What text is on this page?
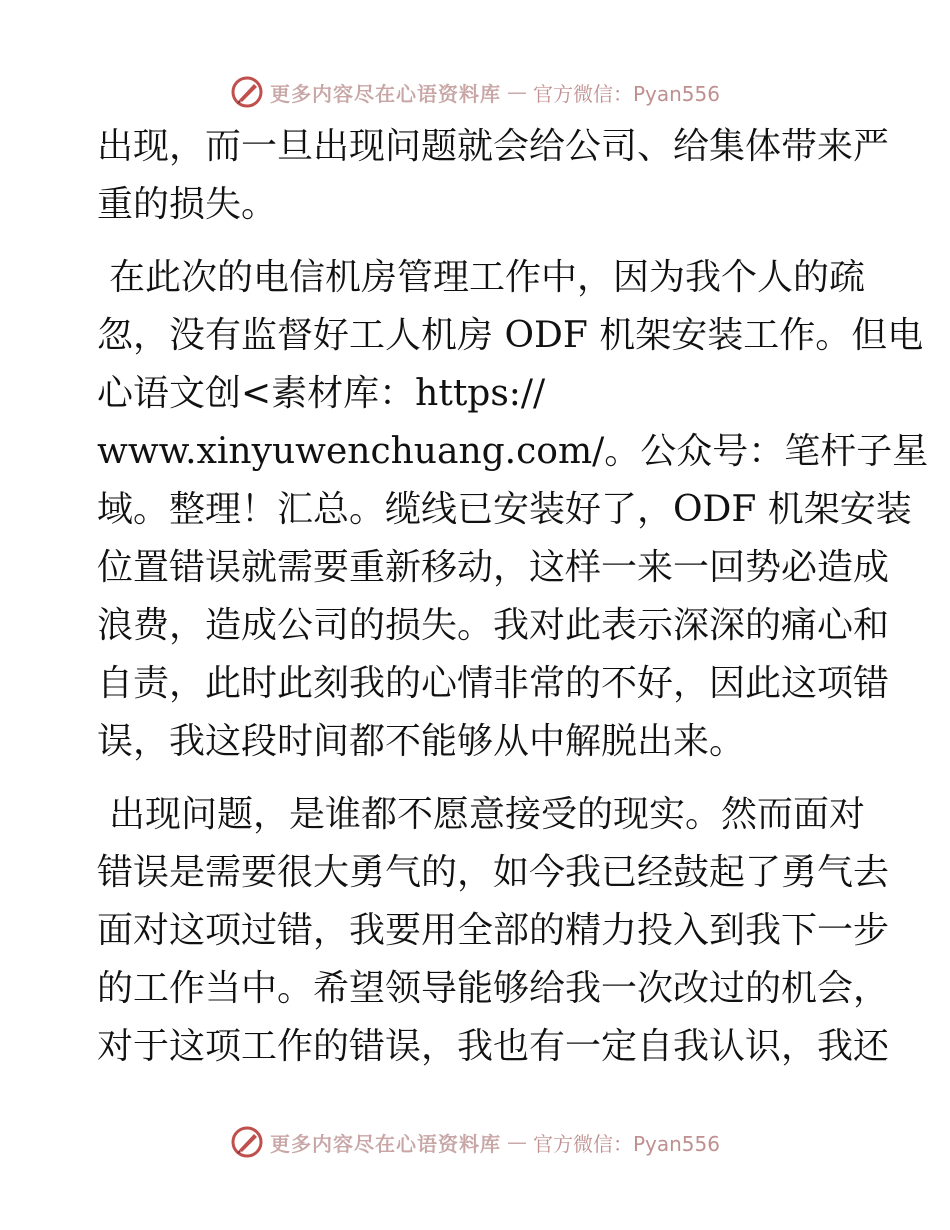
更多内容尽在心语资料库 — 官方微信：Pyan556
出现，而一旦出现问题就会给公司、给集体带来严
重的损失。
在此次的电信机房管理工作中，因为我个人的疏
忽，没有监督好工人机房 ODF 机架安装工作。但电
心语文创<素材库：https://
www.xinyuwenchuang.com/。公众号：笔杆子星
域。整理！汇总。缆线已安装好了，ODF 机架安装
位置错误就需要重新移动，这样一来一回势必造成
浪费，造成公司的损失。我对此表示深深的痛心和
自责，此时此刻我的心情非常的不好，因此这项错
误，我这段时间都不能够从中解脱出来。
出现问题，是谁都不愿意接受的现实。然而面对
错误是需要很大勇气的，如今我已经鼓起了勇气去
面对这项过错，我要用全部的精力投入到我下一步
的工作当中。希望领导能够给我一次改过的机会，
对于这项工作的错误，我也有一定自我认识，我还
更多内容尽在心语资料库 — 官方微信：Pyan556
